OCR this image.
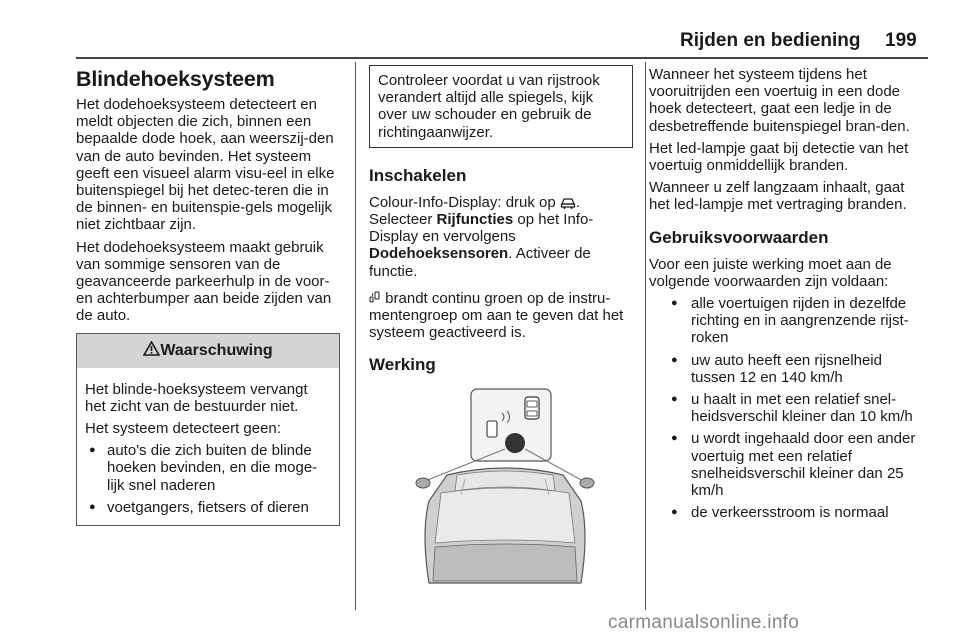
Rijden en bediening 199
Blindehoeksysteem

Het dodehoeksysteem detecteert en meldt objecten die zich, binnen een bepaalde dode hoek, aan weerszij-den van de auto bevinden. Het systeem geeft een visueel alarm visu-eel in elke buitenspiegel bij het detec-teren die in de binnen- en buitenspie-gels mogelijk niet zichtbaar zijn.

Het dodehoeksysteem maakt gebruik van sommige sensoren van de geavanceerde parkeerhulp in de voor- en achterbumper aan beide zijden van de auto.

Waarschuwing

Het blinde-hoeksysteem vervangt het zicht van de bestuurder niet.

Het systeem detecteert geen:

● auto's die zich buiten de blinde hoeken bevinden, en die moge-lijk snel naderen

● voetgangers, fietsers of dieren

Controleer voordat u van rijstrook verandert altijd alle spiegels, kijk over uw schouder en gebruik de richtingaanwijzer.
Inschakelen

Colour-Info-Display: druk op .
Selecteer Rijfuncties op het Info-Display en vervolgens
Dodehoeksensoren. Activeer de functie.

brandt continu groen op de instru-mentengroep om aan te geven dat het systeem geactiveerd is.

Werking

Wanneer het systeem tijdens het vooruitrijden een voertuig in een dode hoek detecteert, gaat een ledje in de desbetreffende buitenspiegel bran-den.

Het led-lampje gaat bij detectie van het voertuig onmiddellijk branden.

Wanneer u zelf langzaam inhaalt, gaat het led-lampje met vertraging branden.

Gebruiksvoorwaarden

Voor een juiste werking moet aan de volgende voorwaarden zijn voldaan:

● alle voertuigen rijden in dezelfde richting en in aangrenzende rijst-roken

● uw auto heeft een rijsnelheid tussen 12 en 140 km/h

● u haalt in met een relatief snel-heidsverschil kleiner dan 10 km/h

● u wordt ingehaald door een ander voertuig met een relatief snelheidsverschil kleiner dan 25 km/h

● de verkeersstroom is normaal

carmanualsonline.info
